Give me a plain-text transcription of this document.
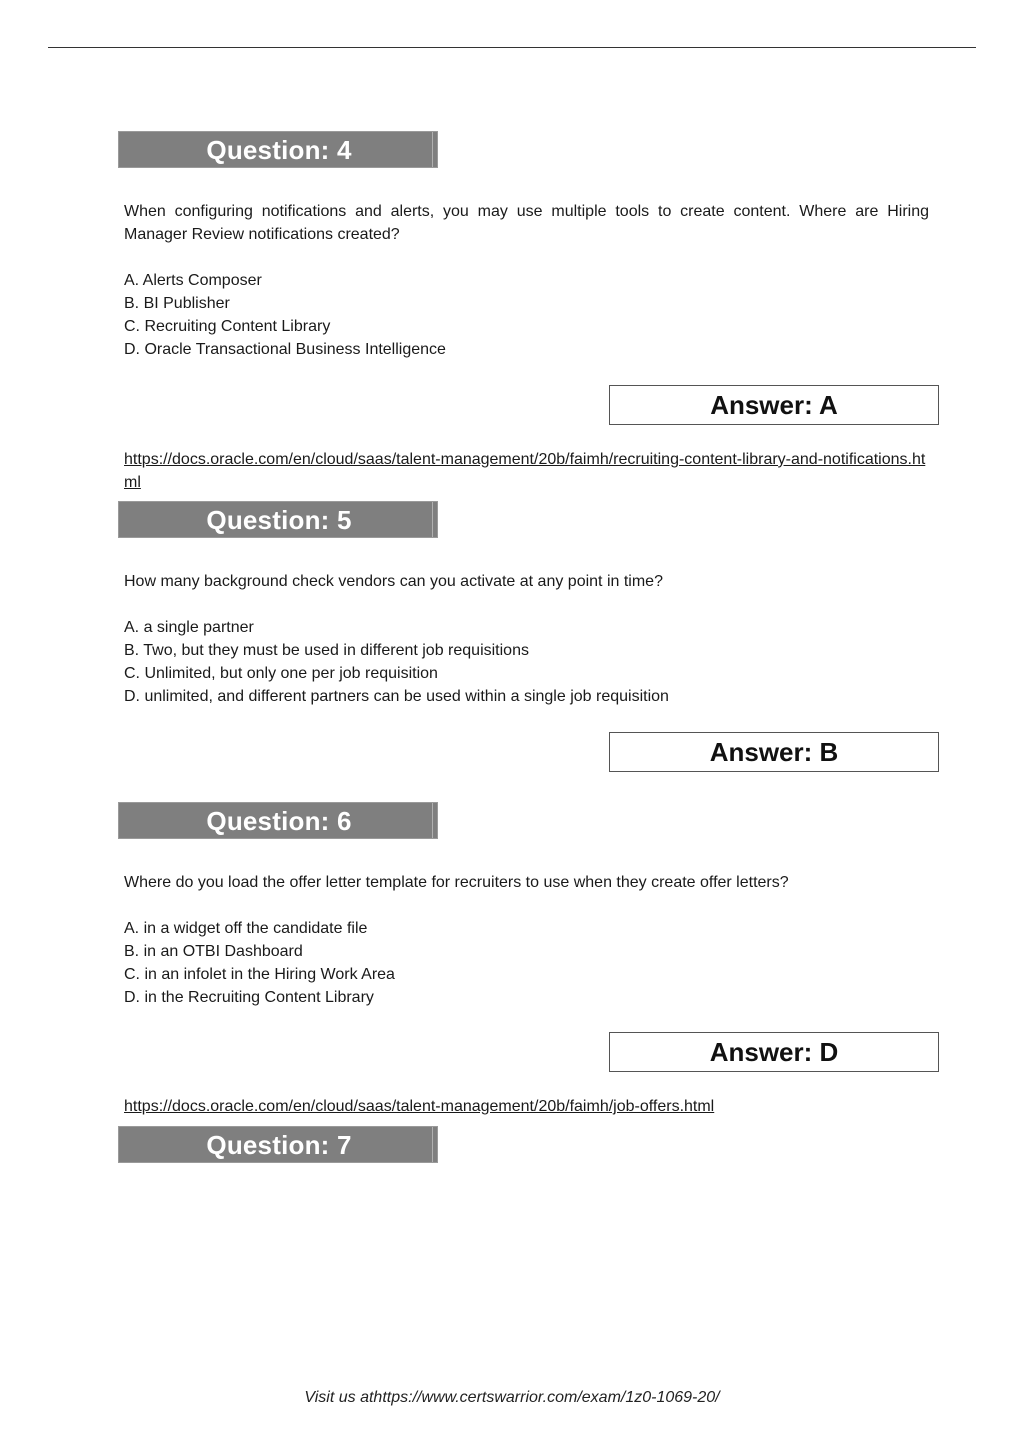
Question: 4
When configuring notifications and alerts, you may use multiple tools to create content. Where are Hiring Manager Review notifications created?
A. Alerts Composer
B. BI Publisher
C. Recruiting Content Library
D. Oracle Transactional Business Intelligence
Answer: A
https://docs.oracle.com/en/cloud/saas/talent-management/20b/faimh/recruiting-content-library-and-notifications.html
Question: 5
How many background check vendors can you activate at any point in time?
A. a single partner
B. Two, but they must be used in different job requisitions
C. Unlimited, but only one per job requisition
D. unlimited, and different partners can be used within a single job requisition
Answer: B
Question: 6
Where do you load the offer letter template for recruiters to use when they create offer letters?
A. in a widget off the candidate file
B. in an OTBI Dashboard
C. in an infolet in the Hiring Work Area
D. in the Recruiting Content Library
Answer: D
https://docs.oracle.com/en/cloud/saas/talent-management/20b/faimh/job-offers.html
Question: 7
Visit us athttps://www.certswarrior.com/exam/1z0-1069-20/
